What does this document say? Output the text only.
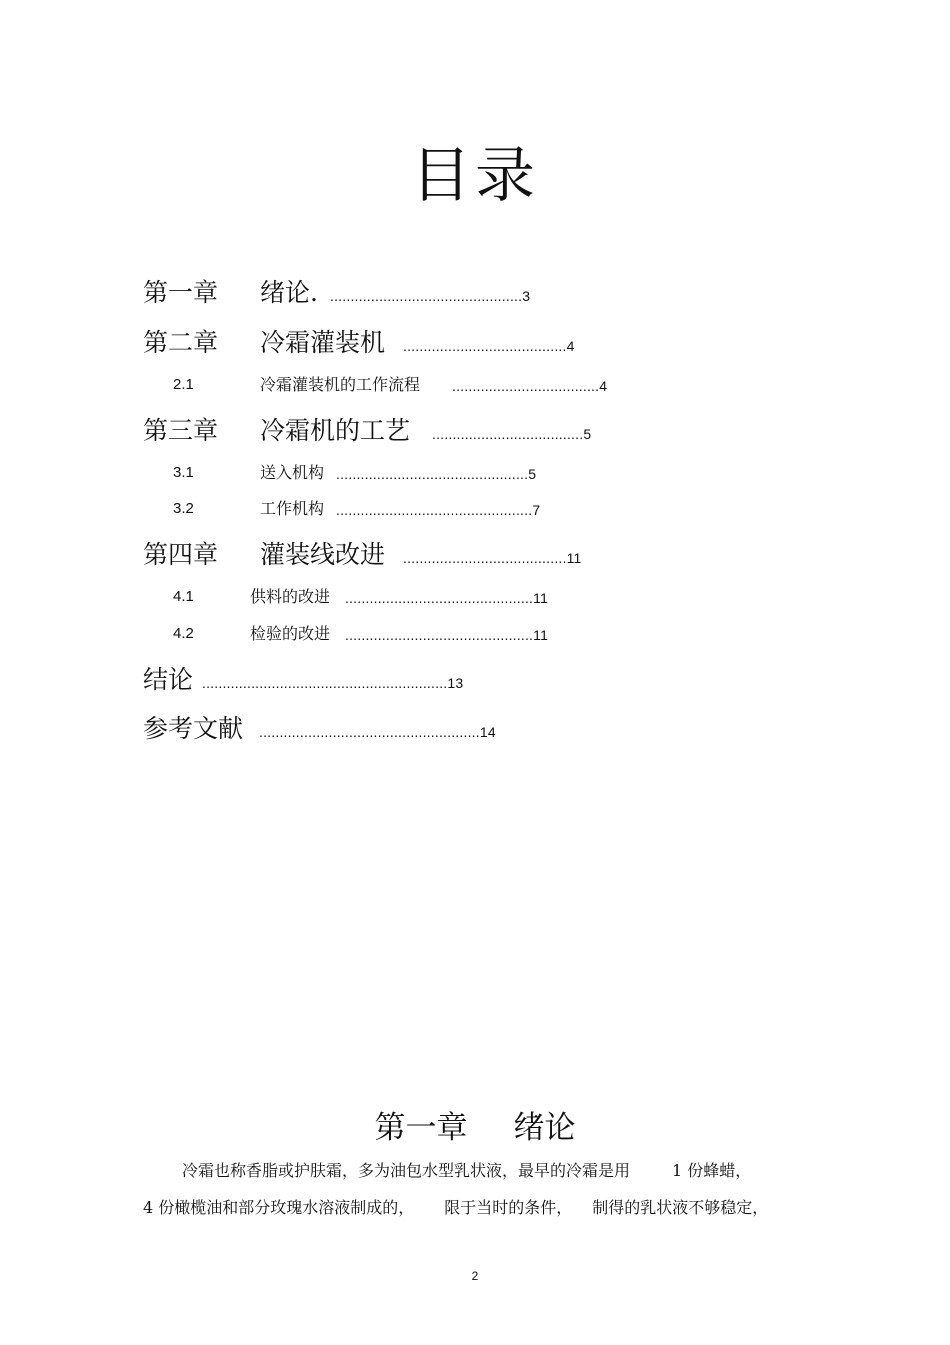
目录
第一章 绪论. ...............................................3
第二章 冷霜灌装机 ........................................4
2.1	冷霜灌装机的工作流程 ....................................4
第三章 冷霜机的工艺 .....................................5
3.1	送入机构 ...............................................5
3.2	工作机构 ................................................7
第四章 灌装线改进 ........................................11
4.1	供料的改进 ..............................................11
4.2	检验的改进 ..............................................11
结论 ............................................................13
参考文献 ......................................................14
第一章 绪论
冷霜也称香脂或护肤霜，多为油包水型乳状液，最早的冷霜是用	1 份蜂蜡，
4 份橄榄油和部分玫瑰水溶液制成的， 限于当时的条件， 制得的乳状液不够稳定，
2
